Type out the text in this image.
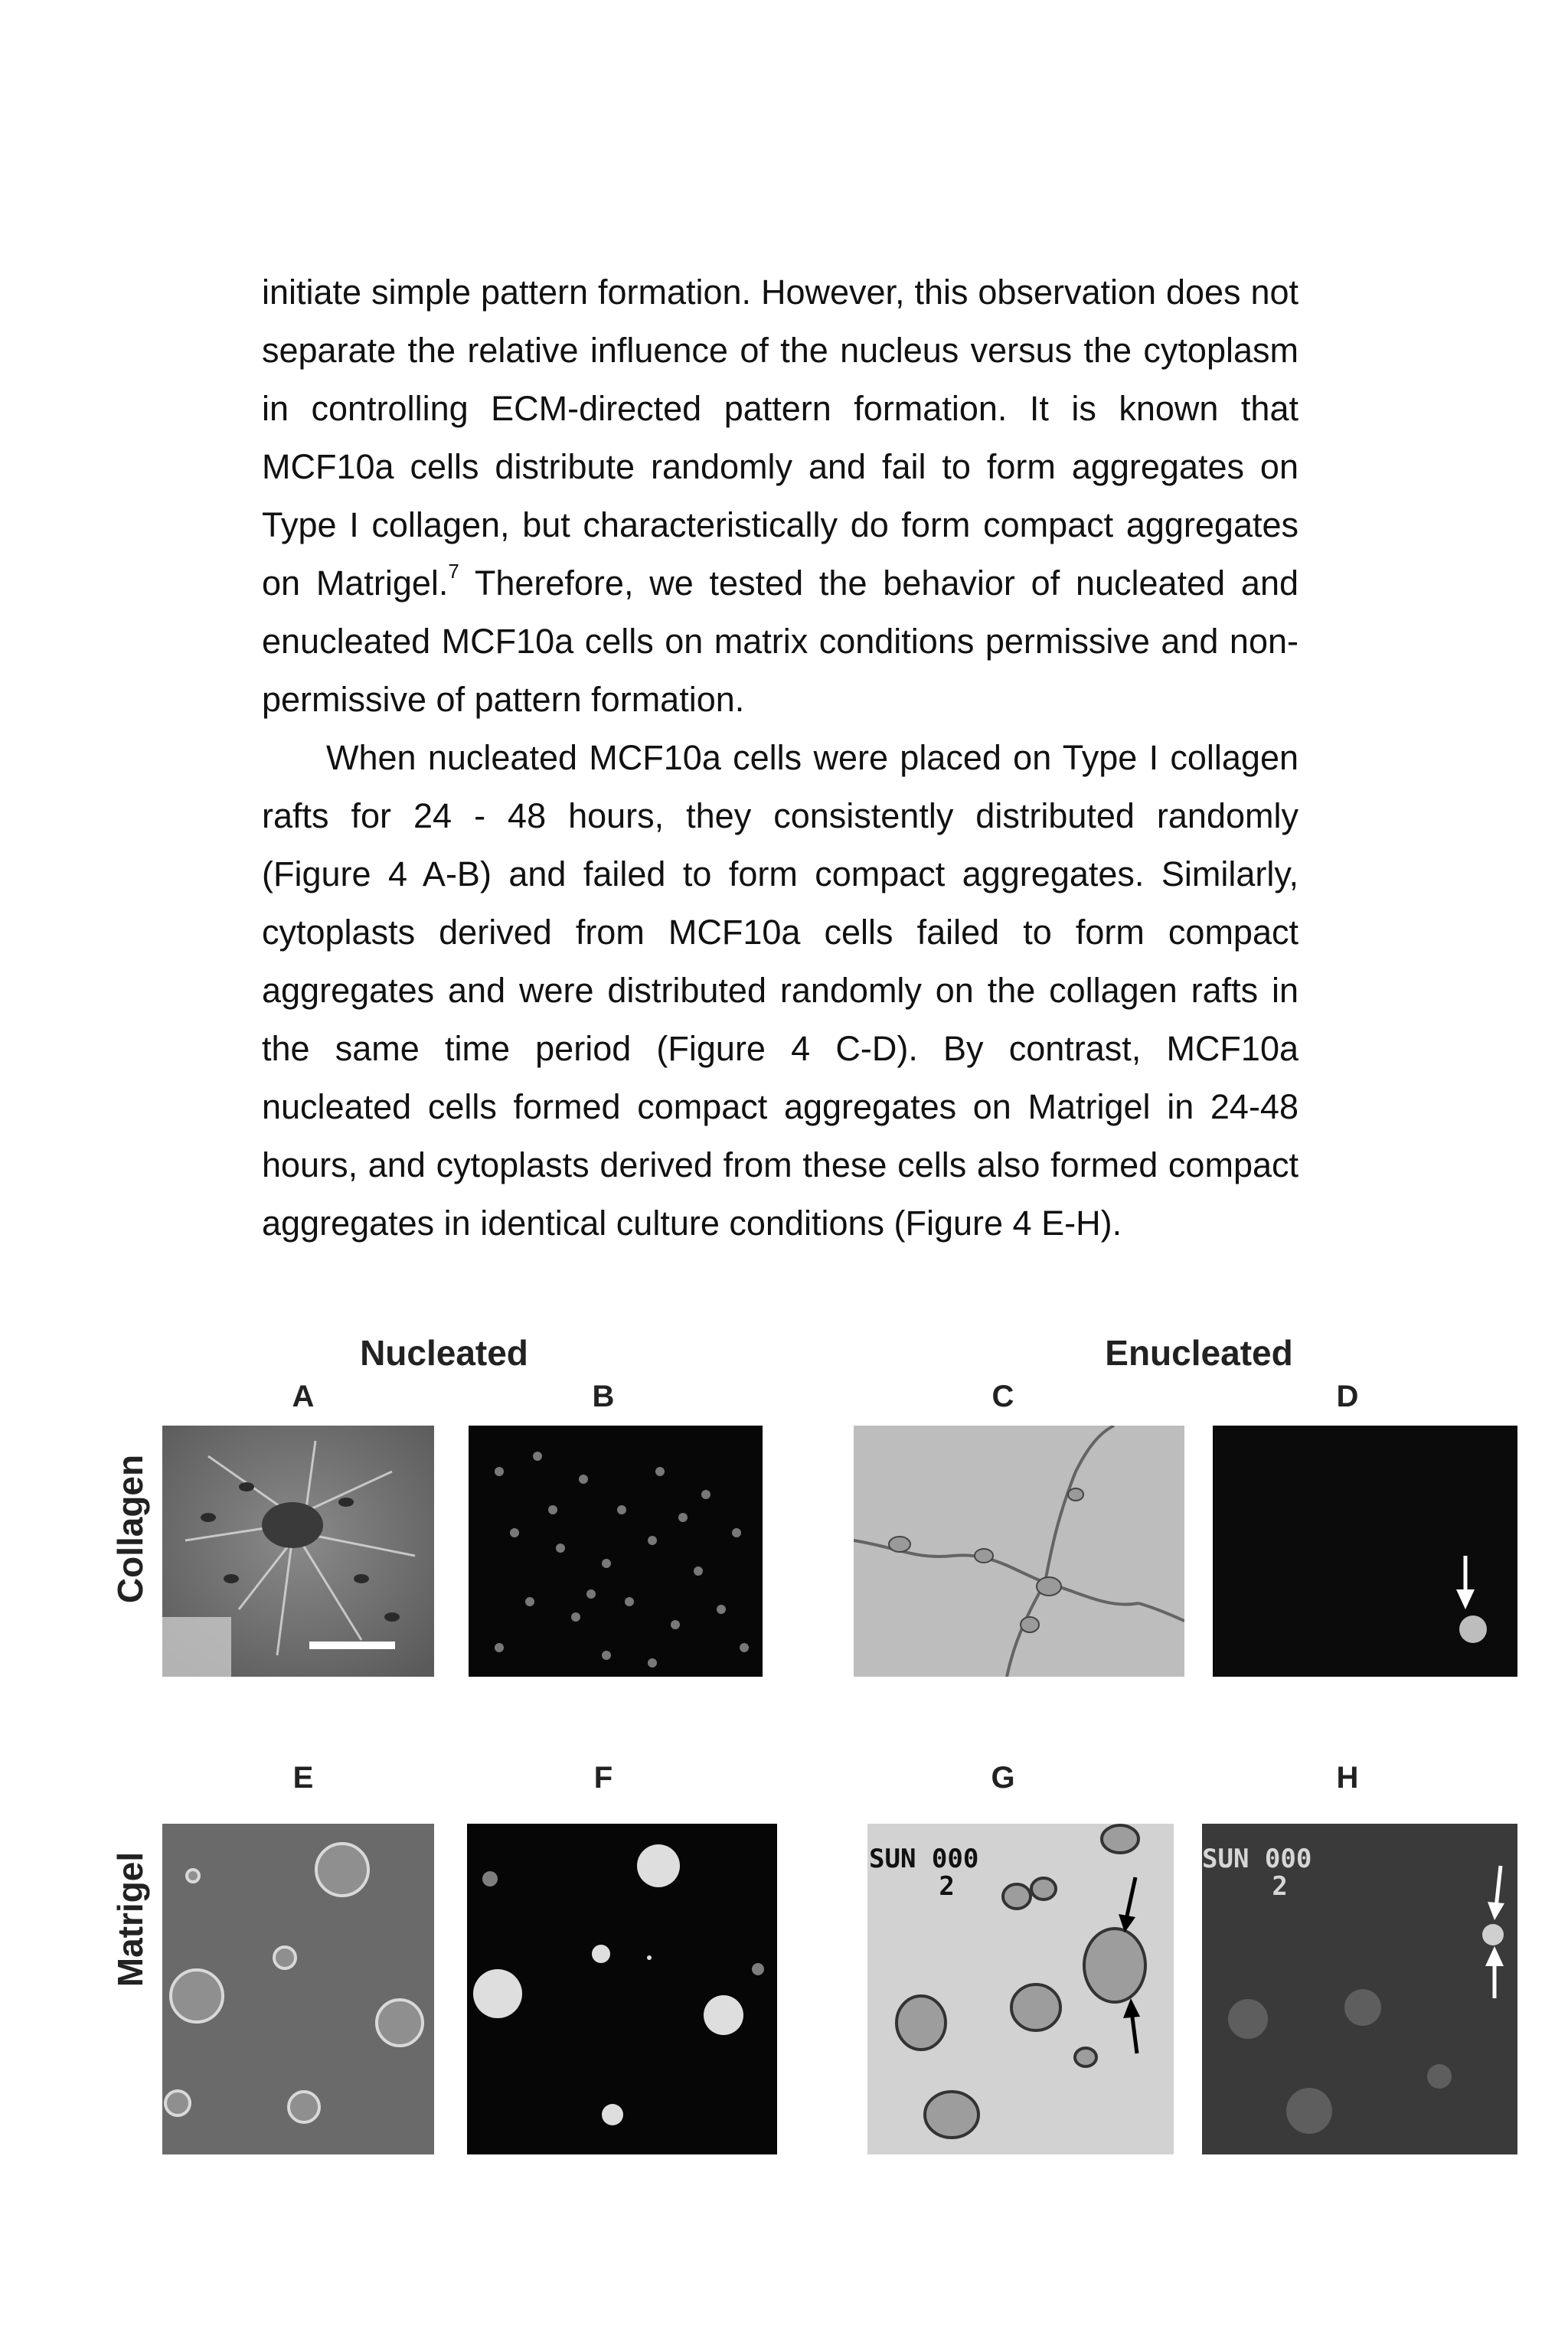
initiate simple pattern formation. However, this observation does not separate the relative influence of the nucleus versus the cytoplasm in controlling ECM-directed pattern formation. It is known that MCF10a cells distribute randomly and fail to form aggregates on Type I collagen, but characteristically do form compact aggregates on Matrigel.$^7$ Therefore, we tested the behavior of nucleated and enucleated MCF10a cells on matrix conditions permissive and non-permissive of pattern formation.

When nucleated MCF10a cells were placed on Type I collagen rafts for 24 - 48 hours, they consistently distributed randomly (Figure 4 A-B) and failed to form compact aggregates. Similarly, cytoplasts derived from MCF10a cells failed to form compact aggregates and were distributed randomly on the collagen rafts in the same time period (Figure 4 C-D). By contrast, MCF10a nucleated cells formed compact aggregates on Matrigel in 24-48 hours, and cytoplasts derived from these cells also formed compact aggregates in identical culture conditions (Figure 4 E-H).

Nucleated	Enucleated
Collagen
Matrigel
A	B	C	D
E	F	G	H
SUN 000
2
SUN 000
2
